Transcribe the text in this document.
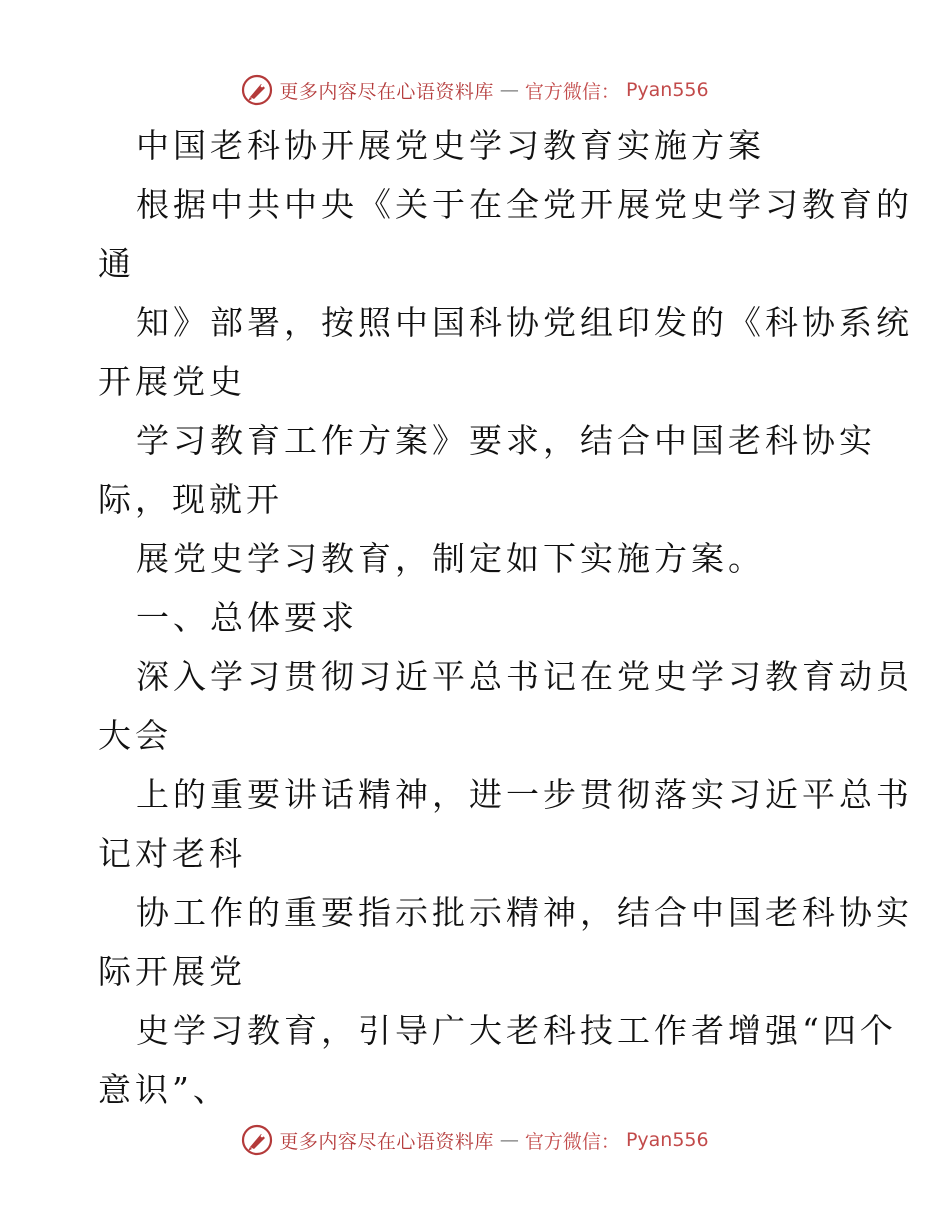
更多内容尽在心语资料库 — 官方微信： Pyan556

中国老科协开展党史学习教育实施方案

根据中共中央《关于在全党开展党史学习教育的

通

知》部署，按照中国科协党组印发的《科协系统

开展党史

学习教育工作方案》要求，结合中国老科协实

际，现就开

展党史学习教育，制定如下实施方案。

一、总体要求

深入学习贯彻习近平总书记在党史学习教育动员

大会

上的重要讲话精神，进一步贯彻落实习近平总书

记对老科

协工作的重要指示批示精神，结合中国老科协实

际开展党

史学习教育，引导广大老科技工作者增强“四个

意识”、

更多内容尽在心语资料库 — 官方微信： Pyan556
